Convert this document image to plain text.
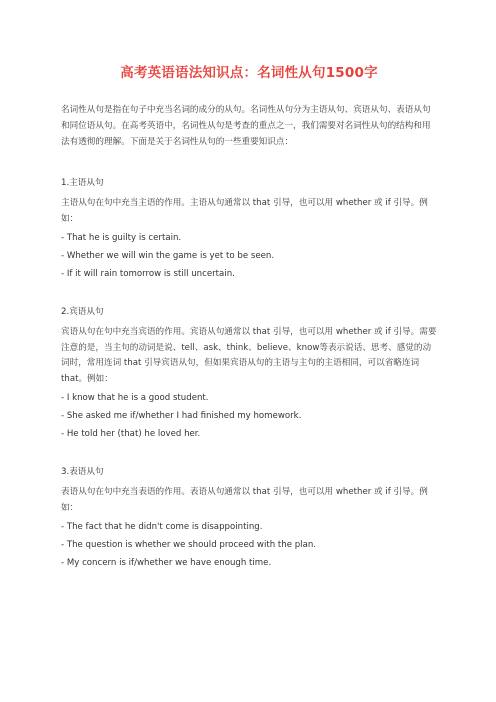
高考英语语法知识点：名词性从句1500字

名词性从句是指在句子中充当名词的成分的从句。名词性从句分为主语从句、宾语从句、表语从句和同位语从句。在高考英语中，名词性从句是考查的重点之一，我们需要对名词性从句的结构和用法有透彻的理解。下面是关于名词性从句的一些重要知识点：

1.主语从句

主语从句在句中充当主语的作用。主语从句通常以 that 引导，也可以用 whether 或 if 引导。例如：

- That he is guilty is certain.

- Whether we will win the game is yet to be seen.

- If it will rain tomorrow is still uncertain.

2.宾语从句

宾语从句在句中充当宾语的作用。宾语从句通常以 that 引导，也可以用 whether 或 if 引导。需要注意的是，当主句的动词是说、tell、ask、think、believe、know等表示说话、思考、感觉的动词时，常用连词 that 引导宾语从句，但如果宾语从句的主语与主句的主语相同，可以省略连词 that。例如：

- I know that he is a good student.

- She asked me if/whether I had finished my homework.

- He told her (that) he loved her.

3.表语从句

表语从句在句中充当表语的作用。表语从句通常以 that 引导，也可以用 whether 或 if 引导。例如：

- The fact that he didn't come is disappointing.

- The question is whether we should proceed with the plan.

- My concern is if/whether we have enough time.
